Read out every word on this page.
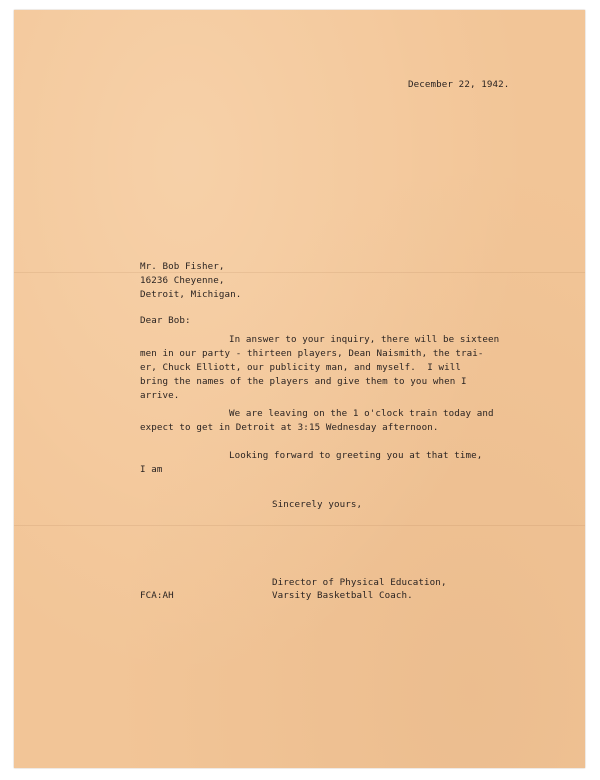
December 22, 1942.
Mr. Bob Fisher,
16236 Cheyenne,
Detroit, Michigan.
Dear Bob:
In answer to your inquiry, there will be sixteen
men in our party - thirteen players, Dean Naismith, the trai-
er, Chuck Elliott, our publicity man, and myself.  I will
bring the names of the players and give them to you when I
arrive.
We are leaving on the 1 o'clock train today and
expect to get in Detroit at 3:15 Wednesday afternoon.
Looking forward to greeting you at that time,
I am
Sincerely yours,
Director of Physical Education,
Varsity Basketball Coach.
FCA:AH
